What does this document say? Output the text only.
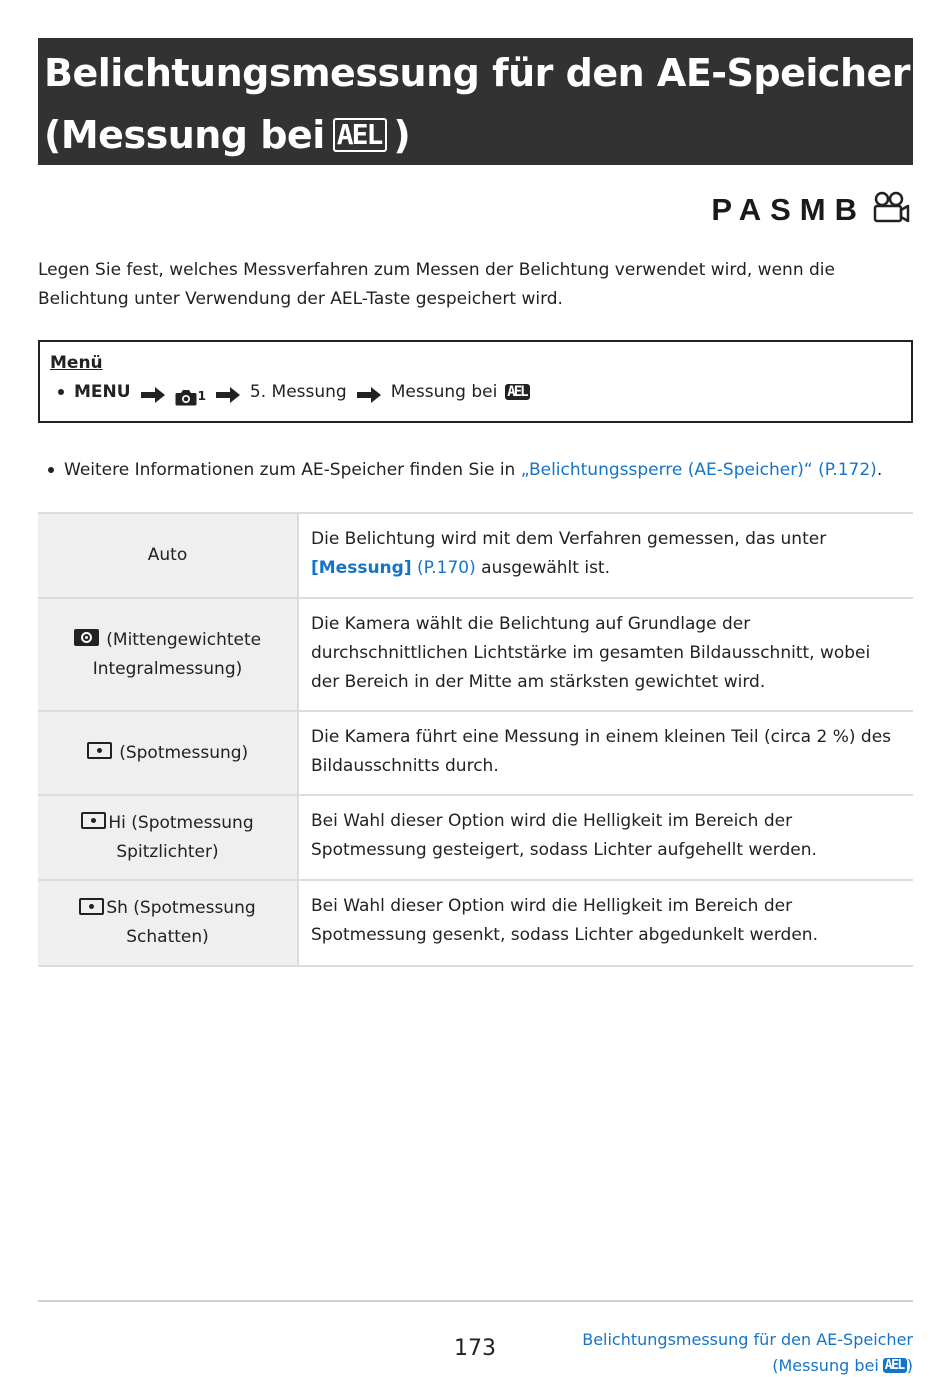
Belichtungsmessung für den AE-Speicher
(Messung bei AEL )
PASMB

Legen Sie fest, welches Messverfahren zum Messen der Belichtung verwendet wird, wenn die Belichtung unter Verwendung der AEL-Taste gespeichert wird.

Menü
MENU	1	5. Messung	Messung bei AEL
Weitere Informationen zum AE-Speicher finden Sie in „Belichtungssperre (AE-Speicher)“ (P.172).
Auto	Die Belichtung wird mit dem Verfahren gemessen, das unter
[Messung] (P.170) ausgewählt ist.

(Mittengewichtete Integralmessung)	Die Kamera wählt die Belichtung auf Grundlage der durchschnittlichen Lichtstärke im gesamten Bildausschnitt, wobei der Bereich in der Mitte am stärksten gewichtet wird.

(Spotmessung)	Die Kamera führt eine Messung in einem kleinen Teil (circa 2 %) des Bildausschnitts durch.

Hi (Spotmessung Spitzlichter)	Bei Wahl dieser Option wird die Helligkeit im Bereich der Spotmessung gesteigert, sodass Lichter aufgehellt werden.

Sh (Spotmessung Schatten)	Bei Wahl dieser Option wird die Helligkeit im Bereich der Spotmessung gesenkt, sodass Lichter abgedunkelt werden.
173	Belichtungsmessung für den AE-Speicher
(Messung bei AEL )
